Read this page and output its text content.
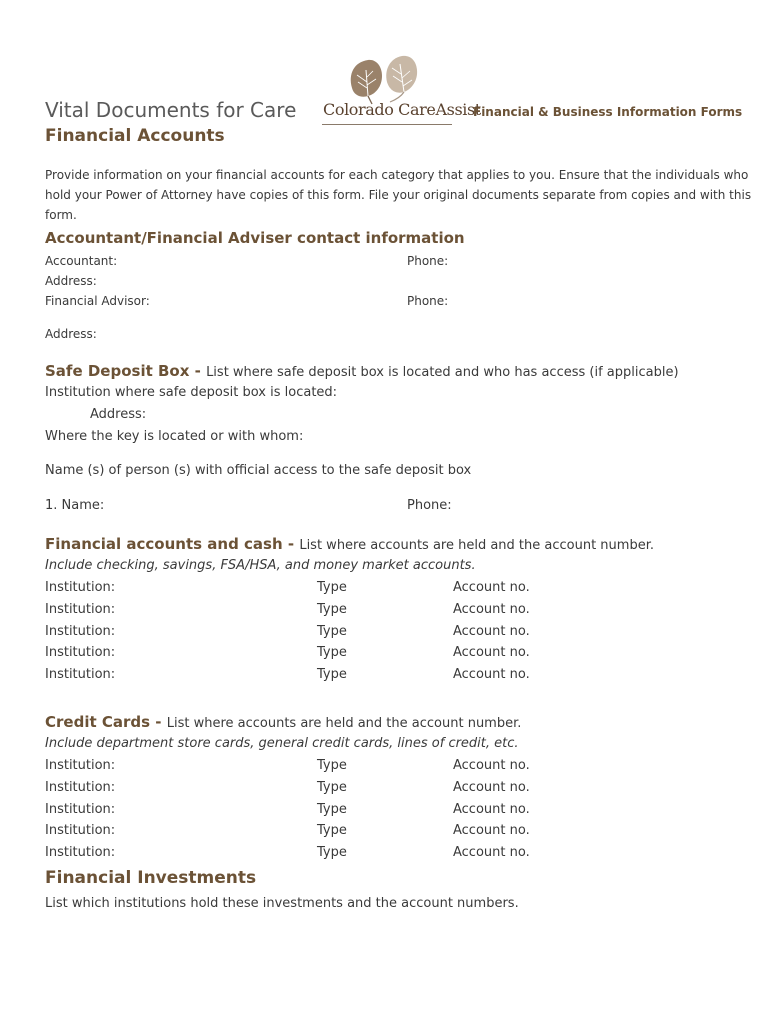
Vital Documents for Care
Financial Accounts
Colorado CareAssist
Financial & Business Information Forms
Provide information on your financial accounts for each category that applies to you. Ensure that the individuals who
hold your Power of Attorney have copies of this form. File your original documents separate from copies and with this
form.
Accountant/Financial Adviser contact information
Accountant:	Phone:
Address:
Financial Advisor:	Phone:
Address:
Safe Deposit Box - List where safe deposit box is located and who has access (if applicable)
Institution where safe deposit box is located:
Address:
Where the key is located or with whom:
Name (s) of person (s) with official access to the safe deposit box
1. Name:	Phone:
Financial accounts and cash - List where accounts are held and the account number.
Include checking, savings, FSA/HSA, and money market accounts.
Institution:	Type	Account no.
Institution:	Type	Account no.
Institution:	Type	Account no.
Institution:	Type	Account no.
Institution:	Type	Account no.
Credit Cards - List where accounts are held and the account number.
Include department store cards, general credit cards, lines of credit, etc.
Institution:	Type	Account no.
Institution:	Type	Account no.
Institution:	Type	Account no.
Institution:	Type	Account no.
Institution:	Type	Account no.
Financial Investments
List which institutions hold these investments and the account numbers.
